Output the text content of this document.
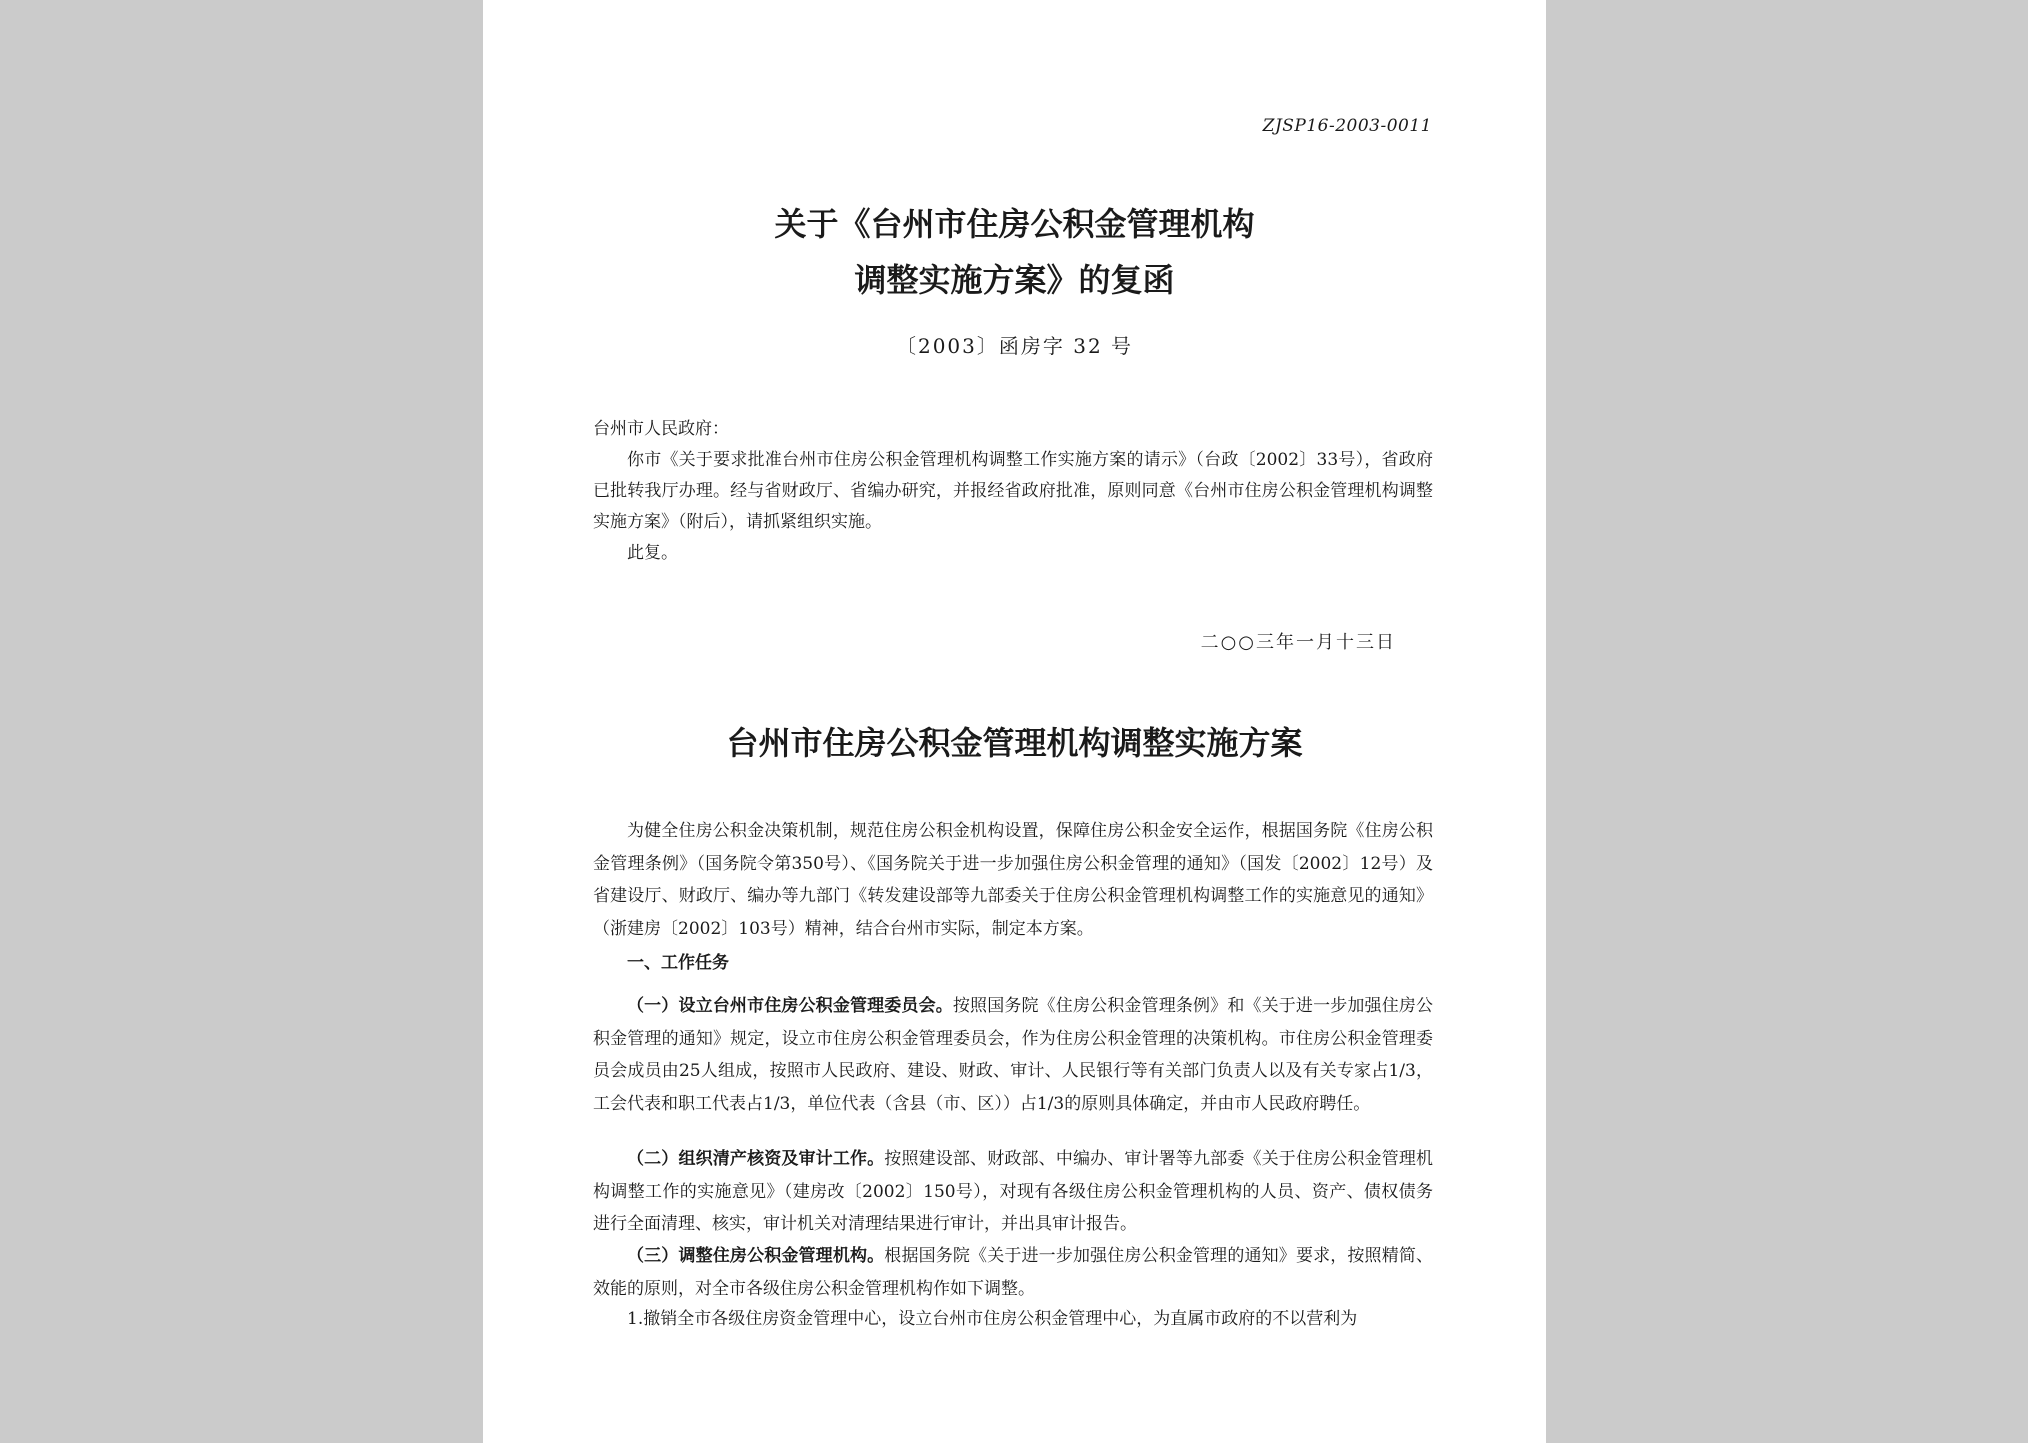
ZJSP16-2003-0011
关于《台州市住房公积金管理机构
调整实施方案》的复函
〔2003〕函房字 32 号
台州市人民政府：
你市《关于要求批准台州市住房公积金管理机构调整工作实施方案的请示》（台政〔2002〕33号），省政府已批转我厅办理。经与省财政厅、省编办研究，并报经省政府批准，原则同意《台州市住房公积金管理机构调整实施方案》（附后），请抓紧组织实施。
此复。
二○○三年一月十三日
台州市住房公积金管理机构调整实施方案
为健全住房公积金决策机制，规范住房公积金机构设置，保障住房公积金安全运作，根据国务院《住房公积金管理条例》（国务院令第350号）、《国务院关于进一步加强住房公积金管理的通知》（国发〔2002〕12号）及省建设厅、财政厅、编办等九部门《转发建设部等九部委关于住房公积金管理机构调整工作的实施意见的通知》（浙建房〔2002〕103号）精神，结合台州市实际，制定本方案。
一、工作任务
（一）设立台州市住房公积金管理委员会。按照国务院《住房公积金管理条例》和《关于进一步加强住房公积金管理的通知》规定，设立市住房公积金管理委员会，作为住房公积金管理的决策机构。市住房公积金管理委员会成员由25人组成，按照市人民政府、建设、财政、审计、人民银行等有关部门负责人以及有关专家占1/3，工会代表和职工代表占1/3，单位代表（含县（市、区））占1/3的原则具体确定，并由市人民政府聘任。
（二）组织清产核资及审计工作。按照建设部、财政部、中编办、审计署等九部委《关于住房公积金管理机构调整工作的实施意见》（建房改〔2002〕150号），对现有各级住房公积金管理机构的人员、资产、债权债务进行全面清理、核实，审计机关对清理结果进行审计，并出具审计报告。
（三）调整住房公积金管理机构。根据国务院《关于进一步加强住房公积金管理的通知》要求，按照精简、效能的原则，对全市各级住房公积金管理机构作如下调整。
1.撤销全市各级住房资金管理中心，设立台州市住房公积金管理中心，为直属市政府的不以营利为
